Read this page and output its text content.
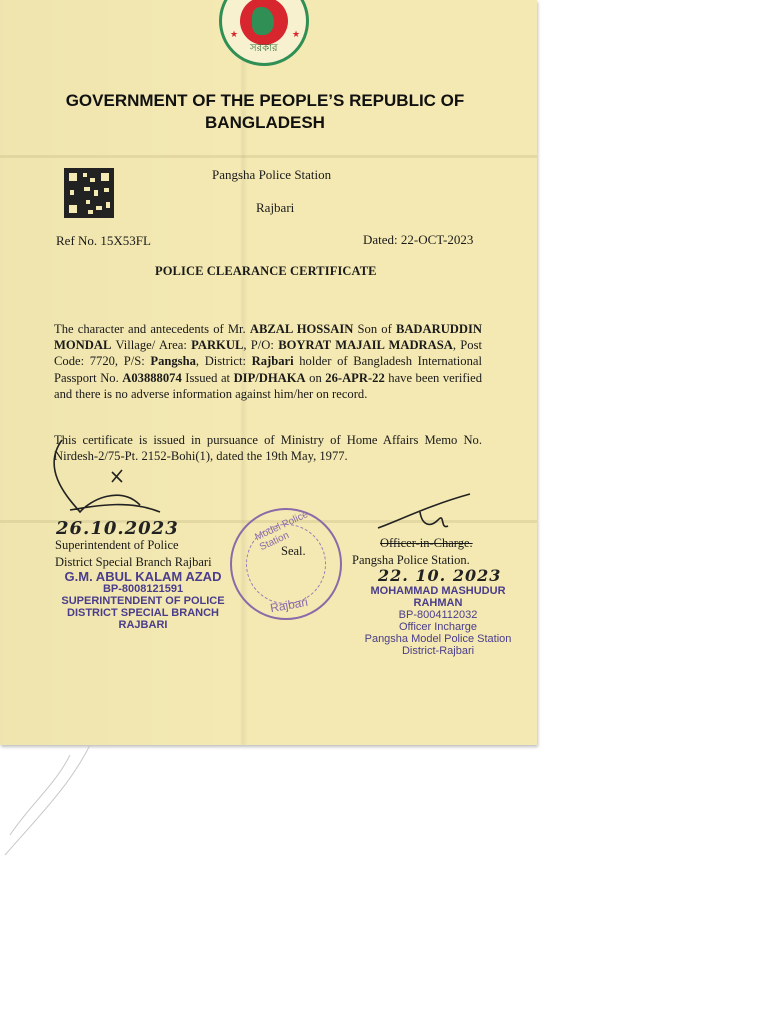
★	★
সরকার
GOVERNMENT OF THE PEOPLE’S REPUBLIC OF
BANGLADESH
Pangsha Police Station
Rajbari
Ref No. 15X53FL	Dated: 22-OCT-2023
POLICE CLEARANCE CERTIFICATE
The character and antecedents of Mr. ABZAL HOSSAIN Son of BADARUDDIN MONDAL Village/ Area: PARKUL, P/O: BOYRAT MAJAIL MADRASA, Post Code: 7720, P/S: Pangsha, District: Rajbari holder of Bangladesh International Passport No. A03888074 Issued at DIP/DHAKA on 26-APR-22 have been verified and there is no adverse information against him/her on record.
This certificate is issued in pursuance of Ministry of Home Affairs Memo No. Nirdesh-2/75-Pt. 2152-Bohi(1), dated the 19th May, 1977.
26.10.2023
Superintendent of Police
District Special Branch Rajbari
G.M. ABUL KALAM AZAD
BP-8008121591
SUPERINTENDENT OF POLICE
DISTRICT SPECIAL BRANCH
RAJBARI
Model Police Station
Rajbari
Seal.
Officer-in-Charge.
Pangsha Police Station.
22. 10. 2023
MOHAMMAD MASHUDUR RAHMAN
BP-8004112032
Officer Incharge
Pangsha Model Police Station
District-Rajbari
